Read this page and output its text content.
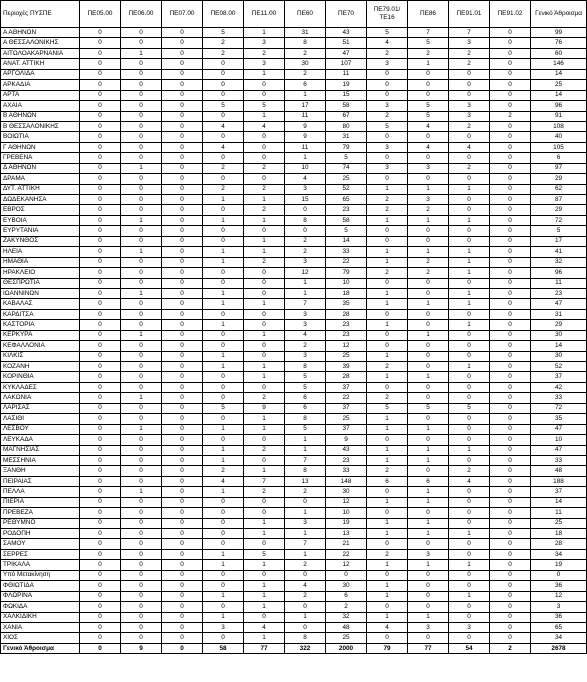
Περιοχές ΠΥΣΠΕ	ΠΕ05.00	ΠΕ06.00	ΠΕ07.00	ΠΕ08.00	ΠΕ11.00	ΠΕ60	ΠΕ70	ΠΕ79.01/ ΤΕ16	ΠΕ86	ΠΕ91.01	ΠΕ91.02	Γενικό Άθροισμα
Α ΑΘΗΝΩΝ	0	0	0	5	1	31	43	5	7	7	0	99
Α ΘΕΣΣΑΛΟΝΙΚΗΣ	0	0	0	2	3	8	51	4	5	3	0	76
ΑΙΤΩΛΟΑΚΑΡΝΑΝΙΑ	0	1	0	2	2	2	47	2	2	2	0	60
ΑΝΑΤ. ΑΤΤΙΚΗ	0	0	0	0	3	30	107	3	1	2	0	146
ΑΡΓΟΛΙΔΑ	0	0	0	0	1	2	11	0	0	0	0	14
ΑΡΚΑΔΙΑ	0	0	0	0	0	6	19	0	0	0	0	25
ΑΡΤΑ	0	0	0	0	0	1	15	0	0	0	0	14
ΑΧΑΙΑ	0	0	0	5	5	17	58	3	5	3	0	96
Β ΑΘΗΝΩΝ	0	0	0	0	1	11	67	2	5	3	2	91
Β ΘΕΣΣΑΛΟΝΙΚΗΣ	0	0	0	4	4	9	80	5	4	2	0	108
ΒΟΙΩΤΙΑ	0	0	0	0	0	9	31	0	0	0	0	40
Γ ΑΘΗΝΩΝ	0	0	0	4	0	11	79	3	4	4	0	105
ΓΡΕΒΕΝΑ	0	0	0	0	0	1	5	0	0	0	0	6
Δ ΑΘΗΝΩΝ	0	1	0	2	2	10	74	3	3	2	0	97
ΔΡΑΜΑ	0	0	0	0	0	4	25	0	0	0	0	29
ΔΥΤ. ΑΤΤΙΚΗ	0	0	0	2	2	3	52	1	1	1	0	62
ΔΩΔΕΚΑΝΗΣΑ	0	0	0	1	1	15	65	2	3	0	0	87
ΕΒΡΟΣ	0	0	0	0	2	0	23	2	2	0	0	29
ΕΥΒΟΙΑ	0	1	0	1	1	8	58	1	1	1	0	72
ΕΥΡΥΤΑΝΙΑ	0	0	0	0	0	0	5	0	0	0	0	5
ΖΑΚΥΝΘΟΣ	0	0	0	0	1	2	14	0	0	0	0	17
ΗΛΕΙΑ	0	1	0	1	1	2	33	1	1	1	0	41
ΗΜΑΘΙΑ	0	0	0	1	2	3	22	1	2	1	0	32
ΗΡΑΚΛΕΙΟ	0	0	0	0	0	12	79	2	2	1	0	96
ΘΕΣΠΡΩΤΙΑ	0	0	0	0	0	1	10	0	0	0	0	11
ΙΩΑΝΝΙΝΩΝ	0	1	0	1	0	1	18	1	0	1	0	23
ΚΑΒΑΛΑΣ	0	0	0	1	1	7	35	1	1	1	0	47
ΚΑΡΔΙΤΣΑ	0	0	0	0	0	3	28	0	0	0	0	31
ΚΑΣΤΟΡΙΑ	0	0	0	1	0	3	23	1	0	1	0	29
ΚΕΡΚΥΡΑ	0	1	0	0	1	4	23	0	1	0	0	30
ΚΕΦΑΛΛΟΝΙΑ	0	0	0	0	0	2	12	0	0	0	0	14
ΚΙΛΚΙΣ	0	0	0	1	0	3	25	1	0	0	0	30
ΚΟΖΑΝΗ	0	0	0	1	1	8	39	2	0	1	0	52
ΚΟΡΙΝΘΙΑ	0	0	0	0	1	5	28	1	1	0	0	37
ΚΥΚΛΑΔΕΣ	0	0	0	0	0	5	37	0	0	0	0	42
ΛΑΚΩΝΙΑ	0	1	0	0	2	6	22	2	0	0	0	33
ΛΑΡΙΣΑΣ	0	0	0	5	9	6	37	5	5	5	0	72
ΛΑΣΙΘΙ	0	0	0	0	1	8	25	1	0	0	0	35
ΛΕΣΒΟΥ	0	1	0	1	1	5	37	1	1	0	0	47
ΛΕΥΚΑΔΑ	0	0	0	0	0	1	9	0	0	0	0	10
ΜΑΓΝΗΣΙΑΣ	0	0	0	1	2	1	43	1	1	1	0	47
ΜΕΣΣΗΝΙΑ	0	0	0	1	0	7	23	1	1	0	0	33
ΞΑΝΘΗ	0	0	0	2	1	8	33	2	0	2	0	48
ΠΕΙΡΑΙΑΣ	0	0	0	4	7	13	148	6	6	4	0	188
ΠΕΛΛΑ	0	1	0	1	2	2	30	0	1	0	0	37
ΠΙΕΡΙΑ	0	0	0	0	0	0	12	1	1	0	0	14
ΠΡΕΒΕΖΑ	0	0	0	0	0	1	10	0	0	0	0	11
ΡΕΘΥΜΝΟ	0	0	0	0	1	3	19	1	1	0	0	25
ΡΟΔΟΠΗ	0	0	0	0	1	1	13	1	1	1	0	18
ΣΑΜΟΥ	0	0	0	0	0	7	21	0	0	0	0	28
ΣΕΡΡΕΣ	0	0	0	1	5	1	22	2	3	0	0	34
ΤΡΙΚΑΛΑ	0	0	0	1	1	2	12	1	1	1	0	19
Υπό Μετακίνηση	0	0	0	0	0	0	0	0	0	0	0	0
ΦΘΙΩΤΙΔΑ	0	0	0	0	1	4	30	1	0	0	0	36
ΦΛΩΡΙΝΑ	0	0	0	1	1	2	6	1	0	1	0	12
ΦΩΚΙΔΑ	0	0	0	0	1	0	2	0	0	0	0	3
ΧΑΛΚΙΔΙΚΗ	0	0	0	1	0	1	32	1	1	0	0	36
ΧΑΝΙΑ	0	0	0	3	4	0	48	4	3	3	0	65
ΧΙΟΣ	0	0	0	0	1	8	25	0	0	0	0	34
Γενικό Άθροισμα	0	9	0	58	77	322	2000	79	77	54	2	2678
